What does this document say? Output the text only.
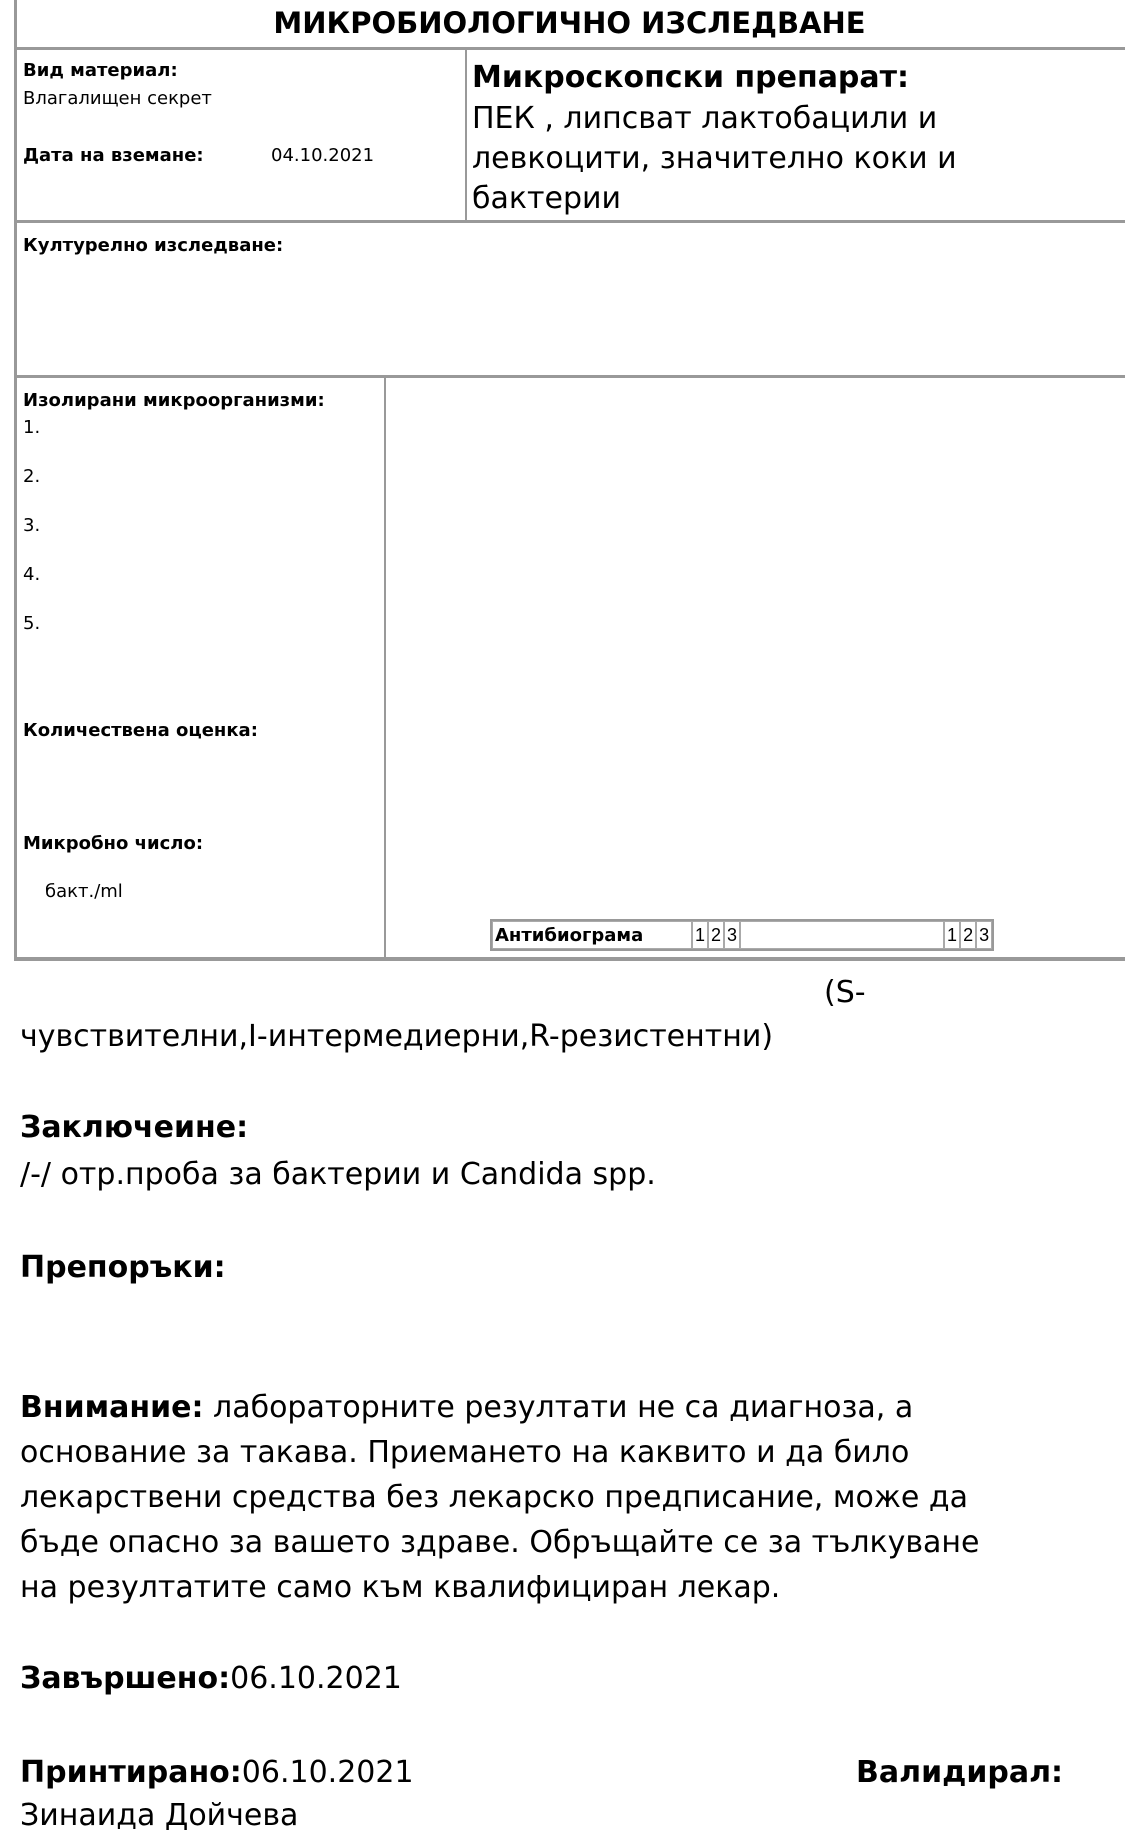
МИКРОБИОЛОГИЧНО ИЗСЛЕДВАНЕ
Вид материал:
Влагалищен секрет
Дата на вземане:	04.10.2021
Микроскопски препарат:
ПЕК , липсват лактобацили и
левкоцити, значително коки и
бактерии
Културелно изследване:
Изолирани микроорганизми:
1.
2.
3.
4.
5.
Количествена оценка:
Микробно число:
бакт./ml
Антибиограма	1	2	3		1	2	3
(S-
чувствителни,I-интермедиерни,R-резистентни)
Заключеине:
/-/ отр.проба за бактерии и Candida spp.
Препоръки:
Внимание: лабораторните резултати не са диагноза, а
основание за такава. Приемането на каквито и да било
лекарствени средства без лекарско предписание, може да
бъде опасно за вашето здраве. Обръщайте се за тълкуване
на резултатите само към квалифициран лекар.
Завършено:06.10.2021
Принтирано:06.10.2021	Валидирал:
Зинаида Дойчева
